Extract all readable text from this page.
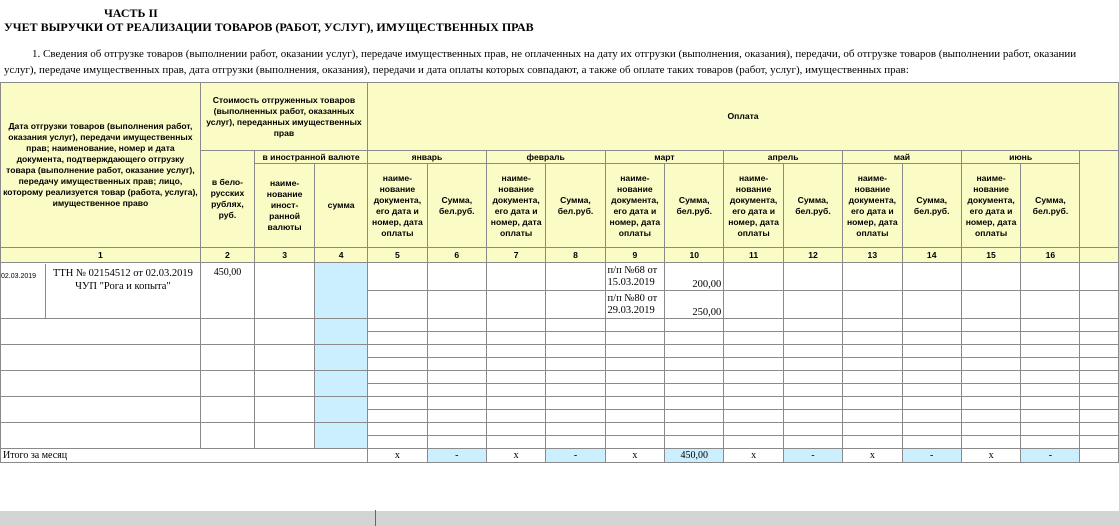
ЧАСТЬ II
УЧЕТ ВЫРУЧКИ ОТ РЕАЛИЗАЦИИ ТОВАРОВ (РАБОТ, УСЛУГ), ИМУЩЕСТВЕННЫХ ПРАВ
1. Сведения об отгрузке товаров (выполнении работ, оказании услуг), передаче имущественных прав, не оплаченных на дату их отгрузки (выполнения, оказания), передачи, об отгрузке товаров (выполнении работ, оказании услуг), передаче имущественных прав, дата отгрузки (выполнения, оказания), передачи и дата оплаты которых совпадают, а также об оплате таких товаров (работ, услуг), имущественных прав:
Дата отгрузки товаров (выполнения работ, оказания услуг), передачи имущественных прав; наименование, номер и дата документа, подтверждающего отгрузку товара (выполнение работ, оказание услуг), передачу имущественных прав; лицо, которому реализуется товар (работа, услуга), имущественное право	Стоимость отгруженных товаров (выполненных работ, оказанных услуг), переданных имущественных прав			Оплата												
	в бело-русских рублях, руб.	в иностранной валюте		январь		февраль		март		апрель		май		июнь		
		наиме-нование иност-ранной валюты	сумма	наиме-нование документа, его дата и номер, дата оплаты	Сумма, бел.руб.	наиме-нование документа, его дата и номер, дата оплаты	Сумма, бел.руб.	наиме-нование документа, его дата и номер, дата оплаты	Сумма, бел.руб.	наиме-нование документа, его дата и номер, дата оплаты	Сумма, бел.руб.	наиме-нование документа, его дата и номер, дата оплаты	Сумма, бел.руб.	наиме-нование документа, его дата и номер, дата оплаты	Сумма, бел.руб.	

1	2	3	4	5	6	7	8	9	10	11	12	13	14	15	16	

02.03.2019 ТТН № 02154512 от 02.03.2019 ЧУП "Рога и копыта"	450,00							п/п №68 от 15.03.2019	200,00							
								п/п №80 от 29.03.2019	250,00							

Итого за месяц				х	-	х	-	х	450,00	х	-	х	-	х	-	
